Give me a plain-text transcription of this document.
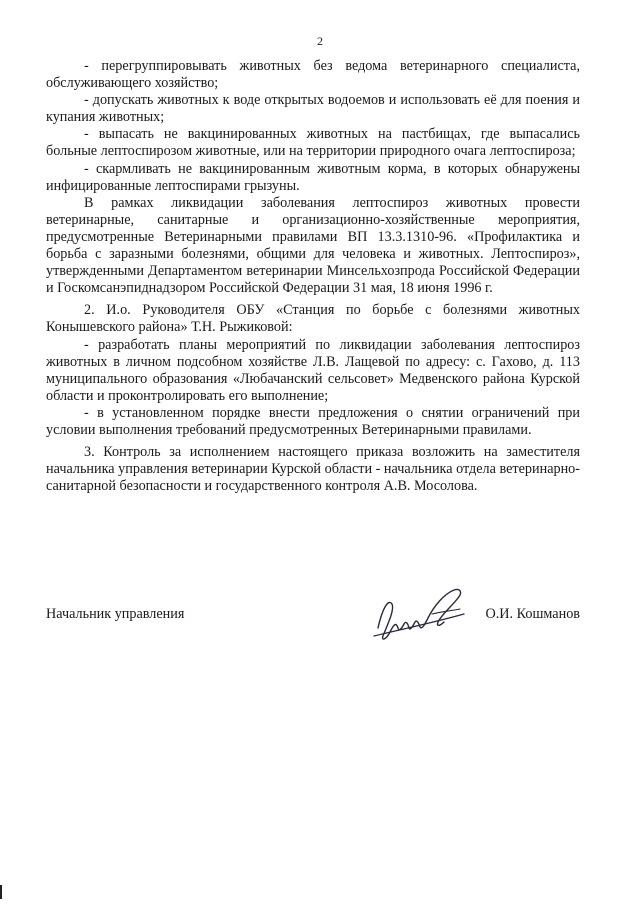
2

- перегруппировывать животных без ведома ветеринарного специалиста, обслуживающего хозяйство;

- допускать животных к воде открытых водоемов и использовать её для поения и купания животных;

- выпасать не вакцинированных животных на пастбищах, где выпасались больные лептоспирозом животные, или на территории природного очага лептоспироза;

- скармливать не вакцинированным животным корма, в которых обнаружены инфицированные лептоспирами грызуны.

В рамках ликвидации заболевания лептоспироз животных провести ветеринарные, санитарные и организационно-хозяйственные мероприятия, предусмотренные Ветеринарными правилами ВП 13.3.1310-96. «Профилактика и борьба с заразными болезнями, общими для человека и животных. Лептоспироз», утвержденными Департаментом ветеринарии Минсельхозпрода Российской Федерации и Госкомсанэпиднадзором Российской Федерации 31 мая, 18 июня 1996 г.

2. И.о. Руководителя ОБУ «Станция по борьбе с болезнями животных Конышевского района» Т.Н. Рыжиковой:

- разработать планы мероприятий по ликвидации заболевания лептоспироз животных в личном подсобном хозяйстве Л.В. Лащевой по адресу: с. Гахово, д. 113 муниципального образования «Любачанский сельсовет» Медвенского района Курской области и проконтролировать его выполнение;

- в установленном порядке внести предложения о снятии ограничений при условии выполнения требований предусмотренных Ветеринарными правилами.

3. Контроль за исполнением настоящего приказа возложить на заместителя начальника управления ветеринарии Курской области - начальника отдела ветеринарно-санитарной безопасности и государственного контроля А.В. Мосолова.

Начальник управления	О.И. Кошманов
